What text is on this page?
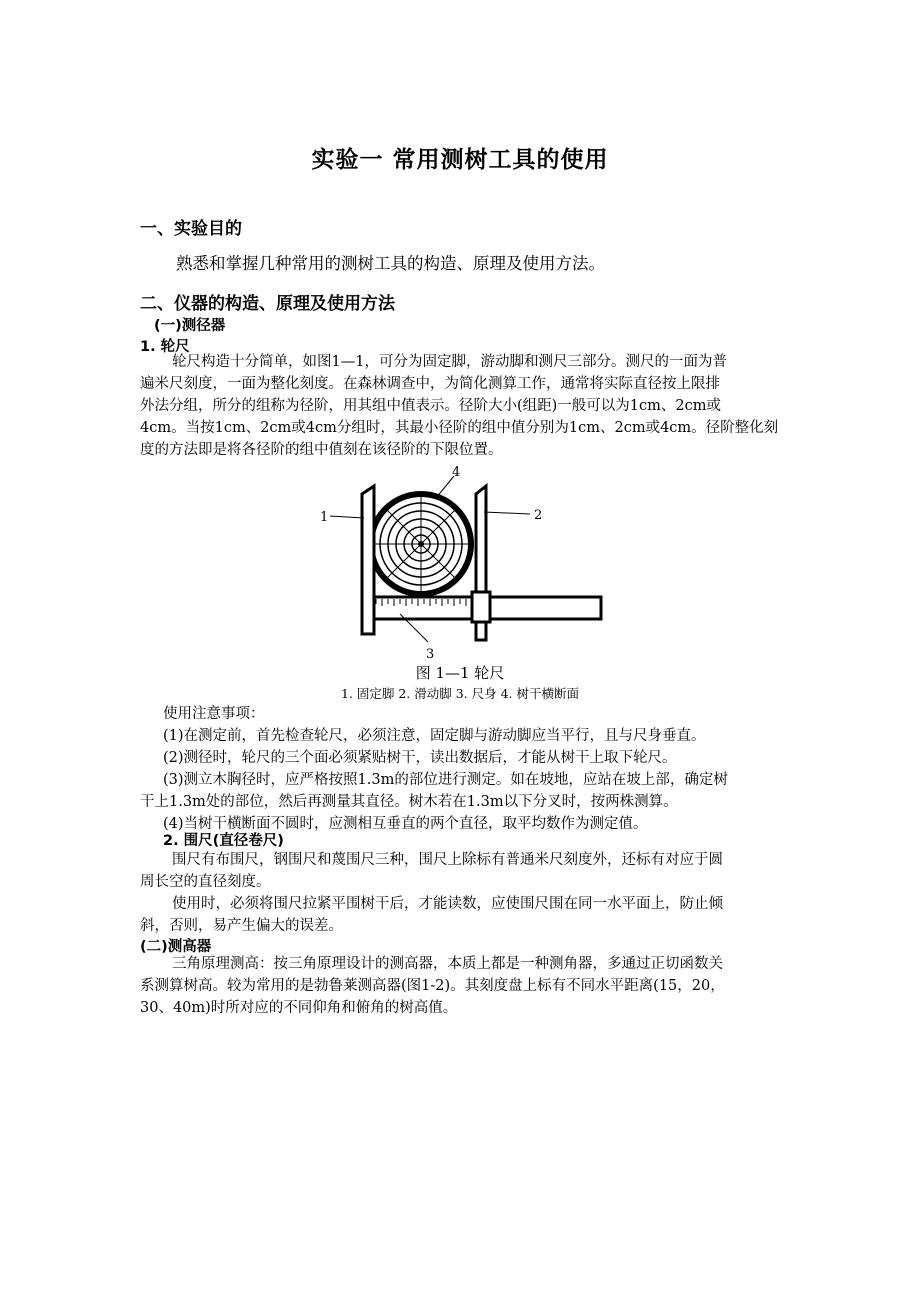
实验一 常用测树工具的使用
一、实验目的
熟悉和掌握几种常用的测树工具的构造、原理及使用方法。
二、仪器的构造、原理及使用方法
(一)测径器
1. 轮尺
轮尺构造十分简单，如图1—1，可分为固定脚，游动脚和测尺三部分。测尺的一面为普
遍米尺刻度，一面为整化刻度。在森林调查中，为简化测算工作，通常将实际直径按上限排
外法分组，所分的组称为径阶，用其组中值表示。径阶大小(组距)一般可以为1cm、2cm或
4cm。当按1cm、2cm或4cm分组时，其最小径阶的组中值分别为1cm、2cm或4cm。径阶整化刻
度的方法即是将各径阶的组中值刻在该径阶的下限位置。
1	2
3
4
图 1—1 轮尺
1. 固定脚 2. 滑动脚 3. 尺身 4. 树干横断面
使用注意事项：
(1)在测定前，首先检查轮尺，必须注意，固定脚与游动脚应当平行，且与尺身垂直。
(2)测径时，轮尺的三个面必须紧贴树干，读出数据后，才能从树干上取下轮尺。
(3)测立木胸径时，应严格按照1.3m的部位进行测定。如在坡地，应站在坡上部，确定树
干上1.3m处的部位，然后再测量其直径。树木若在1.3m以下分叉时，按两株测算。
(4)当树干横断面不圆时，应测相互垂直的两个直径，取平均数作为测定值。
2. 围尺(直径卷尺)
围尺有布围尺，钢围尺和蔑围尺三种，围尺上除标有普通米尺刻度外，还标有对应于圆
周长空的直径刻度。
使用时，必须将围尺拉紧平围树干后，才能读数，应使围尺围在同一水平面上，防止倾
斜，否则，易产生偏大的误差。
(二)测高器
三角原理测高：按三角原理设计的测高器，本质上都是一种测角器，多通过正切函数关
系测算树高。较为常用的是勃鲁莱测高器(图1-2)。其刻度盘上标有不同水平距离(15，20，
30、40m)时所对应的不同仰角和俯角的树高值。
